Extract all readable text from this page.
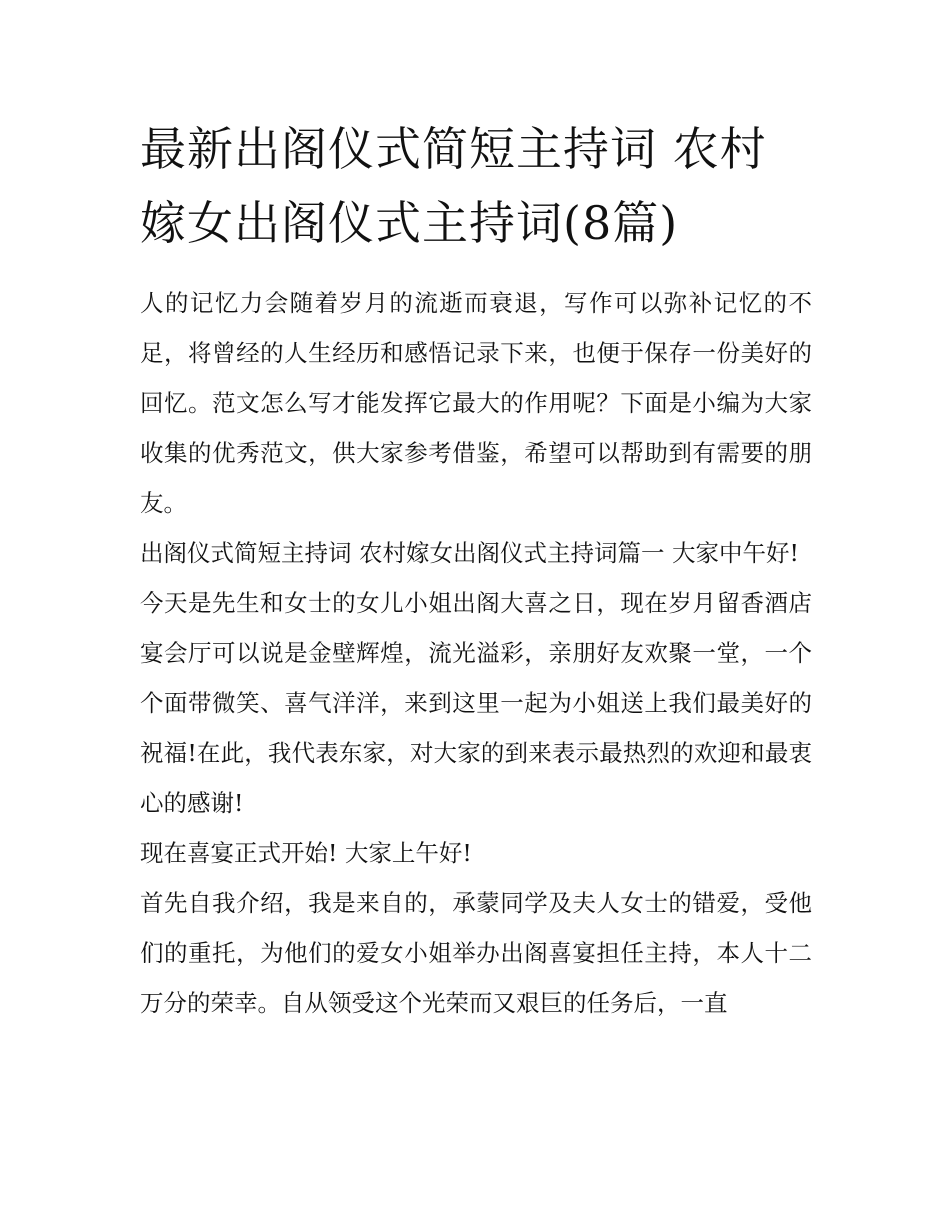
最新出阁仪式简短主持词 农村嫁女出阁仪式主持词(8篇)

人的记忆力会随着岁月的流逝而衰退，写作可以弥补记忆的不足，将曾经的人生经历和感悟记录下来，也便于保存一份美好的回忆。范文怎么写才能发挥它最大的作用呢？下面是小编为大家收集的优秀范文，供大家参考借鉴，希望可以帮助到有需要的朋友。

出阁仪式简短主持词 农村嫁女出阁仪式主持词篇一 大家中午好!

今天是先生和女士的女儿小姐出阁大喜之日，现在岁月留香酒店宴会厅可以说是金壁辉煌，流光溢彩，亲朋好友欢聚一堂，一个个面带微笑、喜气洋洋，来到这里一起为小姐送上我们最美好的祝福!在此，我代表东家，对大家的到来表示最热烈的欢迎和最衷心的感谢!

现在喜宴正式开始! 大家上午好!

首先自我介绍，我是来自的，承蒙同学及夫人女士的错爱，受他们的重托，为他们的爱女小姐举办出阁喜宴担任主持，本人十二万分的荣幸。自从领受这个光荣而又艰巨的任务后，一直
